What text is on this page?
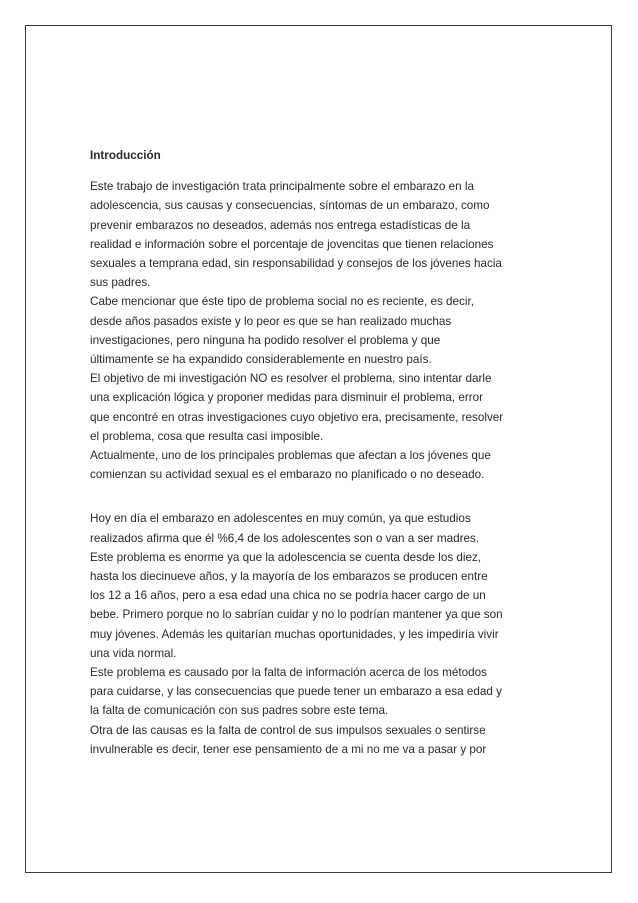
Introducción
Este trabajo de investigación trata principalmente sobre el embarazo en la
adolescencia, sus causas y consecuencias, síntomas de un embarazo, como
prevenir embarazos no deseados, además nos entrega estadísticas de la
realidad e información sobre el porcentaje de jovencitas que tienen relaciones
sexuales a temprana edad, sin responsabilidad y consejos de los jóvenes hacia
sus padres.
Cabe mencionar que éste tipo de problema social no es reciente, es decir,
desde años pasados existe y lo peor es que se han realizado muchas
investigaciones, pero ninguna ha podido resolver el problema y que
últimamente se ha expandido considerablemente en nuestro país.
El objetivo de mi investigación NO es resolver el problema, sino intentar darle
una explicación lógica y proponer medidas para disminuir el problema, error
que encontré en otras investigaciones cuyo objetivo era, precisamente, resolver
el problema, cosa que resulta casi imposible.
Actualmente, uno de los principales problemas que afectan a los jóvenes que
comienzan su actividad sexual es el embarazo no planificado o no deseado.
Hoy en día el embarazo en adolescentes en muy común, ya que estudios
realizados afirma que él %6,4 de los adolescentes son o van a ser madres.
Este problema es enorme ya que la adolescencia se cuenta desde los diez,
hasta los diecinueve años, y la mayoría de los embarazos se producen entre
los 12 a 16 años, pero a esa edad una chica no se podría hacer cargo de un
bebe. Primero porque no lo sabrían cuidar y no lo podrían mantener ya que son
muy jóvenes. Además les quitarían muchas oportunidades, y les impediría vivir
una vida normal.
Este problema es causado por la falta de información acerca de los métodos
para cuidarse, y las consecuencias que puede tener un embarazo a esa edad y
la falta de comunicación con sus padres sobre este tema.
Otra de las causas es la falta de control de sus impulsos sexuales o sentirse
invulnerable es decir, tener ese pensamiento de a mi no me va a pasar y por
